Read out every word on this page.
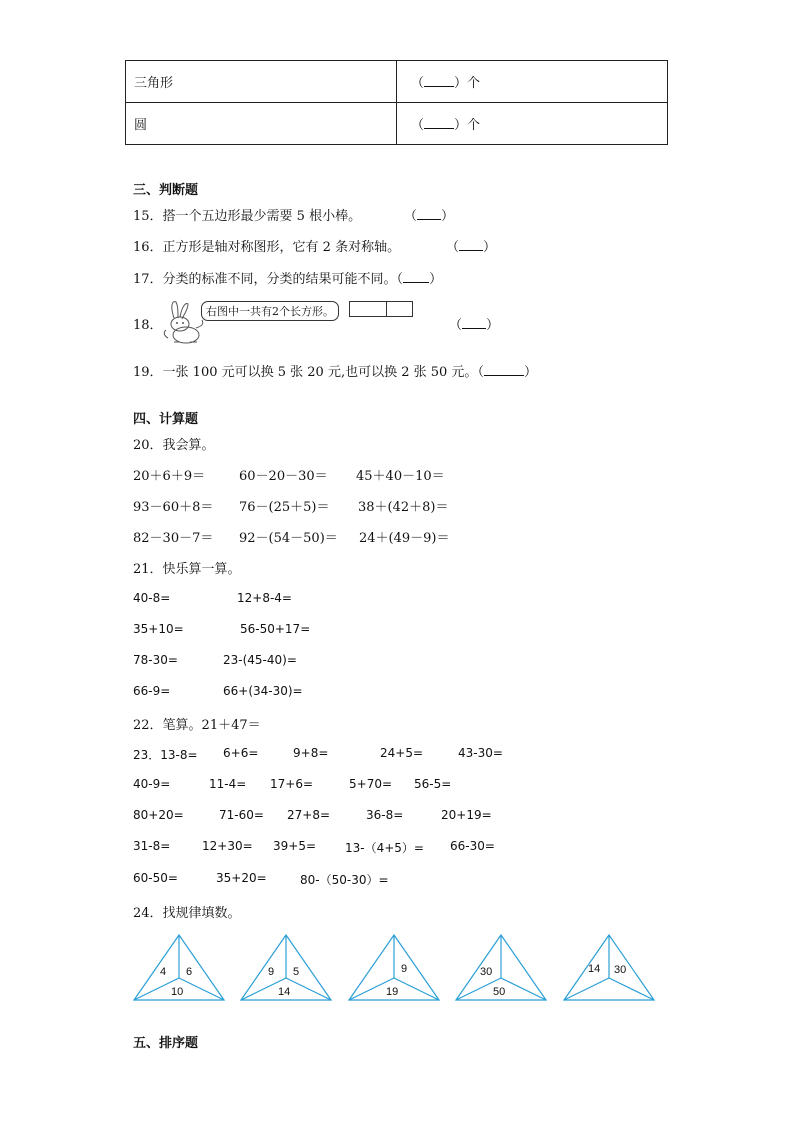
三角形	（ ）个
圆	（ ）个
三、判断题
15．搭一个五边形最少需要 5 根小棒。	（ ）
16．正方形是轴对称图形，它有 2 条对称轴。	（ ）
17．分类的标准不同，分类的结果可能不同。（ ）
18．
右图中一共有2个长方形。
（ ）
19．一张 100 元可以换 5 张 20 元,也可以换 2 张 50 元。（	）
四、计算题
20．我会算。
20＋6＋9＝	60－20－30＝ 45＋40－10＝
93－60＋8＝ 76－(25＋5)＝ 38＋(42＋8)＝
82－30－7＝ 92－(54－50)＝ 24＋(49－9)＝
21．快乐算一算。
40-8=	12+8-4=
35+10=	56-50+17=
78-30=	23-(45-40)=
66-9=	66+(34-30)=
22．笔算。21＋47＝
23．13-8= 6+6=	9+8=	24+5=	43-30=
40-9=	11-4= 17+6=	5+70= 56-5=
80+20=	71-60= 27+8=	36-8=	20+19=
31-8=	12+30= 39+5= 13-（4+5）= 66-30=
60-50=	35+20=	80-（50-30）=
24．找规律填数。
4 6
10
9 5
14
9
19
30
50
14 30
五、排序题
